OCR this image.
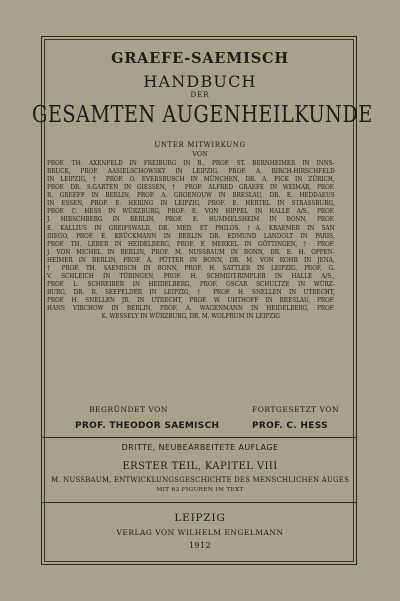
GRAEFE-SAEMISCH
HANDBUCH
DER
GESAMTEN AUGENHEILKUNDE
UNTER MITWIRKUNG
VON
PROF. TH. AXENFELD IN FREIBURG IN B., PROF. ST. BERNHEIMER IN INNS-
BRUCK, PROF. AASIELSCHOWSKY IN LEIPZIG, PROF. A. BIRCH-HIRSCHFELD
IN LEIPZIG, † PROF. O. EVERSBUSCH IN MÜNCHEN, DR. A. FICK IN ZÜRICH,
PROF. DR. S.GARTEN IN GIESSEN, † PROF. ALFRED GRAEFE IN WEIMAR, PROF.
R. GREEFF IN BERLIN, PROF. A. GROENOUW IN BRESLAU, DR. E. HEDDAEUS
IN ESSEN, PROF. E. HERING IN LEIPZIG, PROF. E. HERTEL IN STRASSBURG,
PROF. C. HESS IN WÜRZBURG, PROF. E. VON HIPPEL IN HALLE A/S., PROF.
J. HIRSCHBERG IN BERLIN, PROF. E. HUMMELSHEIM IN BONN, PROF.
E. KALLIUS IN GREIFSWALD, DR. MED. ET PHILOS. †A. KRAEMER IN SAN
DIEGO, PROF. E. KRÜCKMANN IN BERLIN DR. EDMUND LANDOLT IN PARIS,
PROF. TH. LEBER IN HEIDELBERG, PROF. F. MERKEL IN GÖTTINGEN, † PROF.
J. VON MICHEL IN BERLIN, PROF. M. NUSSBAUM IN BONN, DR. E. H. OPPEN-
HEIMER IN BERLIN, PROF. A. PÜTTER IN BONN, DR. M. VON ROHR IN JENA,
† PROF. TH. SAEMISCH IN BONN, PROF. H. SATTLER IN LEIPZIG, PROF. G.
V. SCHLEICH IN TÜBINGEN, PROF. H. SCHMIDT-RIMPLER IN HALLE A/S.,
PROF. L. SCHREIBER IN HEIDELBERG, PROF. OSCAR SCHULTZE IN WÜRZ-
BURG, DR. R. SEEFELDER IN LEIPZIG, † PROF. H. SNELLEN IN UTRECHT,
PROF. H. SNELLEN JR. IN UTRECHT, PROF. W. UHTHOFF IN BRESLAU, PROF.
HANS VIRCHOW IN BERLIN, PROF. A. WAGENMANN IN HEIDELBERG, PROF.
K. WESSELY IN WÜRZBURG, DR. M. WOLFRUM IN LEIPZIG
BEGRÜNDET VON	FORTGESETZT VON
PROF. THEODOR SAEMISCH	PROF. C. HESS
DRITTE, NEUBEARBEITETE AUFLAGE
ERSTER TEIL, KAPITEL VIII
M. NUSSBAUM, ENTWICKLUNGSGESCHICHTE DES MENSCHLICHEN AUGES
MIT 63 FIGUREN IM TEXT
LEIPZIG
VERLAG VON WILHELM ENGELMANN
1912
